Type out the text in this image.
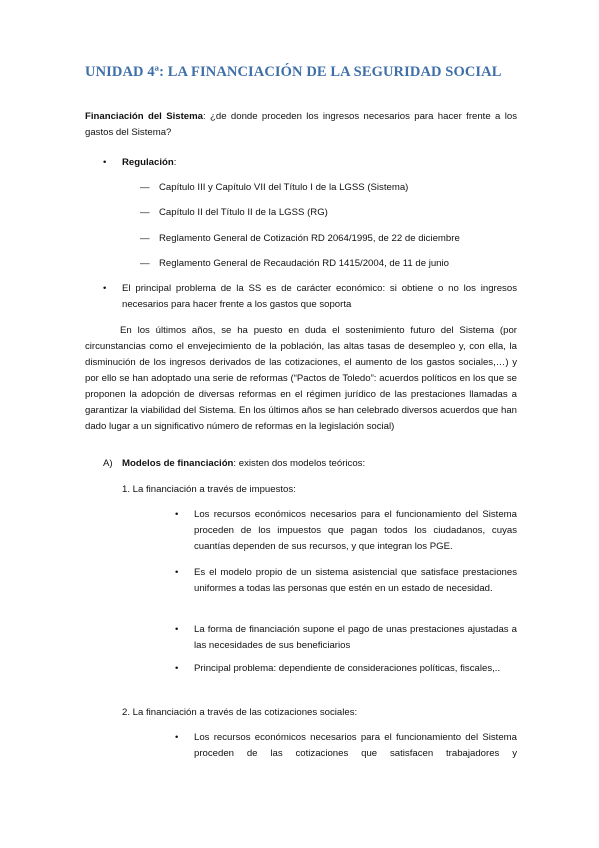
UNIDAD 4ª: LA FINANCIACIÓN DE LA SEGURIDAD SOCIAL
Financiación del Sistema: ¿de donde proceden los ingresos necesarios para hacer frente a los gastos del Sistema?
• Regulación:
— Capítulo III y Capítulo VII del Título I de la LGSS (Sistema)
— Capítulo II del Título II de la LGSS (RG)
— Reglamento General de Cotización RD 2064/1995, de 22 de diciembre
— Reglamento General de Recaudación RD 1415/2004, de 11 de junio
• El principal problema de la SS es de carácter económico: si obtiene o no los ingresos necesarios para hacer frente a los gastos que soporta
En los últimos años, se ha puesto en duda el sostenimiento futuro del Sistema (por circunstancias como el envejecimiento de la población, las altas tasas de desempleo y, con ella, la disminución de los ingresos derivados de las cotizaciones, el aumento de los gastos sociales,…) y por ello se han adoptado una serie de reformas (“Pactos de Toledo”: acuerdos políticos en los que se proponen la adopción de diversas reformas en el régimen jurídico de las prestaciones llamadas a garantizar la viabilidad del Sistema. En los últimos años se han celebrado diversos acuerdos que han dado lugar a un significativo número de reformas en la legislación social)
A) Modelos de financiación: existen dos modelos teóricos:
1. La financiación a través de impuestos:
• Los recursos económicos necesarios para el funcionamiento del Sistema proceden de los impuestos que pagan todos los ciudadanos, cuyas cuantías dependen de sus recursos, y que integran los PGE.
• Es el modelo propio de un sistema asistencial que satisface prestaciones uniformes a todas las personas que estén en un estado de necesidad.
• La forma de financiación supone el pago de unas prestaciones ajustadas a las necesidades de sus beneficiarios
• Principal problema: dependiente de consideraciones políticas, fiscales,..
2. La financiación a través de las cotizaciones sociales:
• Los recursos económicos necesarios para el funcionamiento del Sistema proceden de las cotizaciones que satisfacen trabajadores y
